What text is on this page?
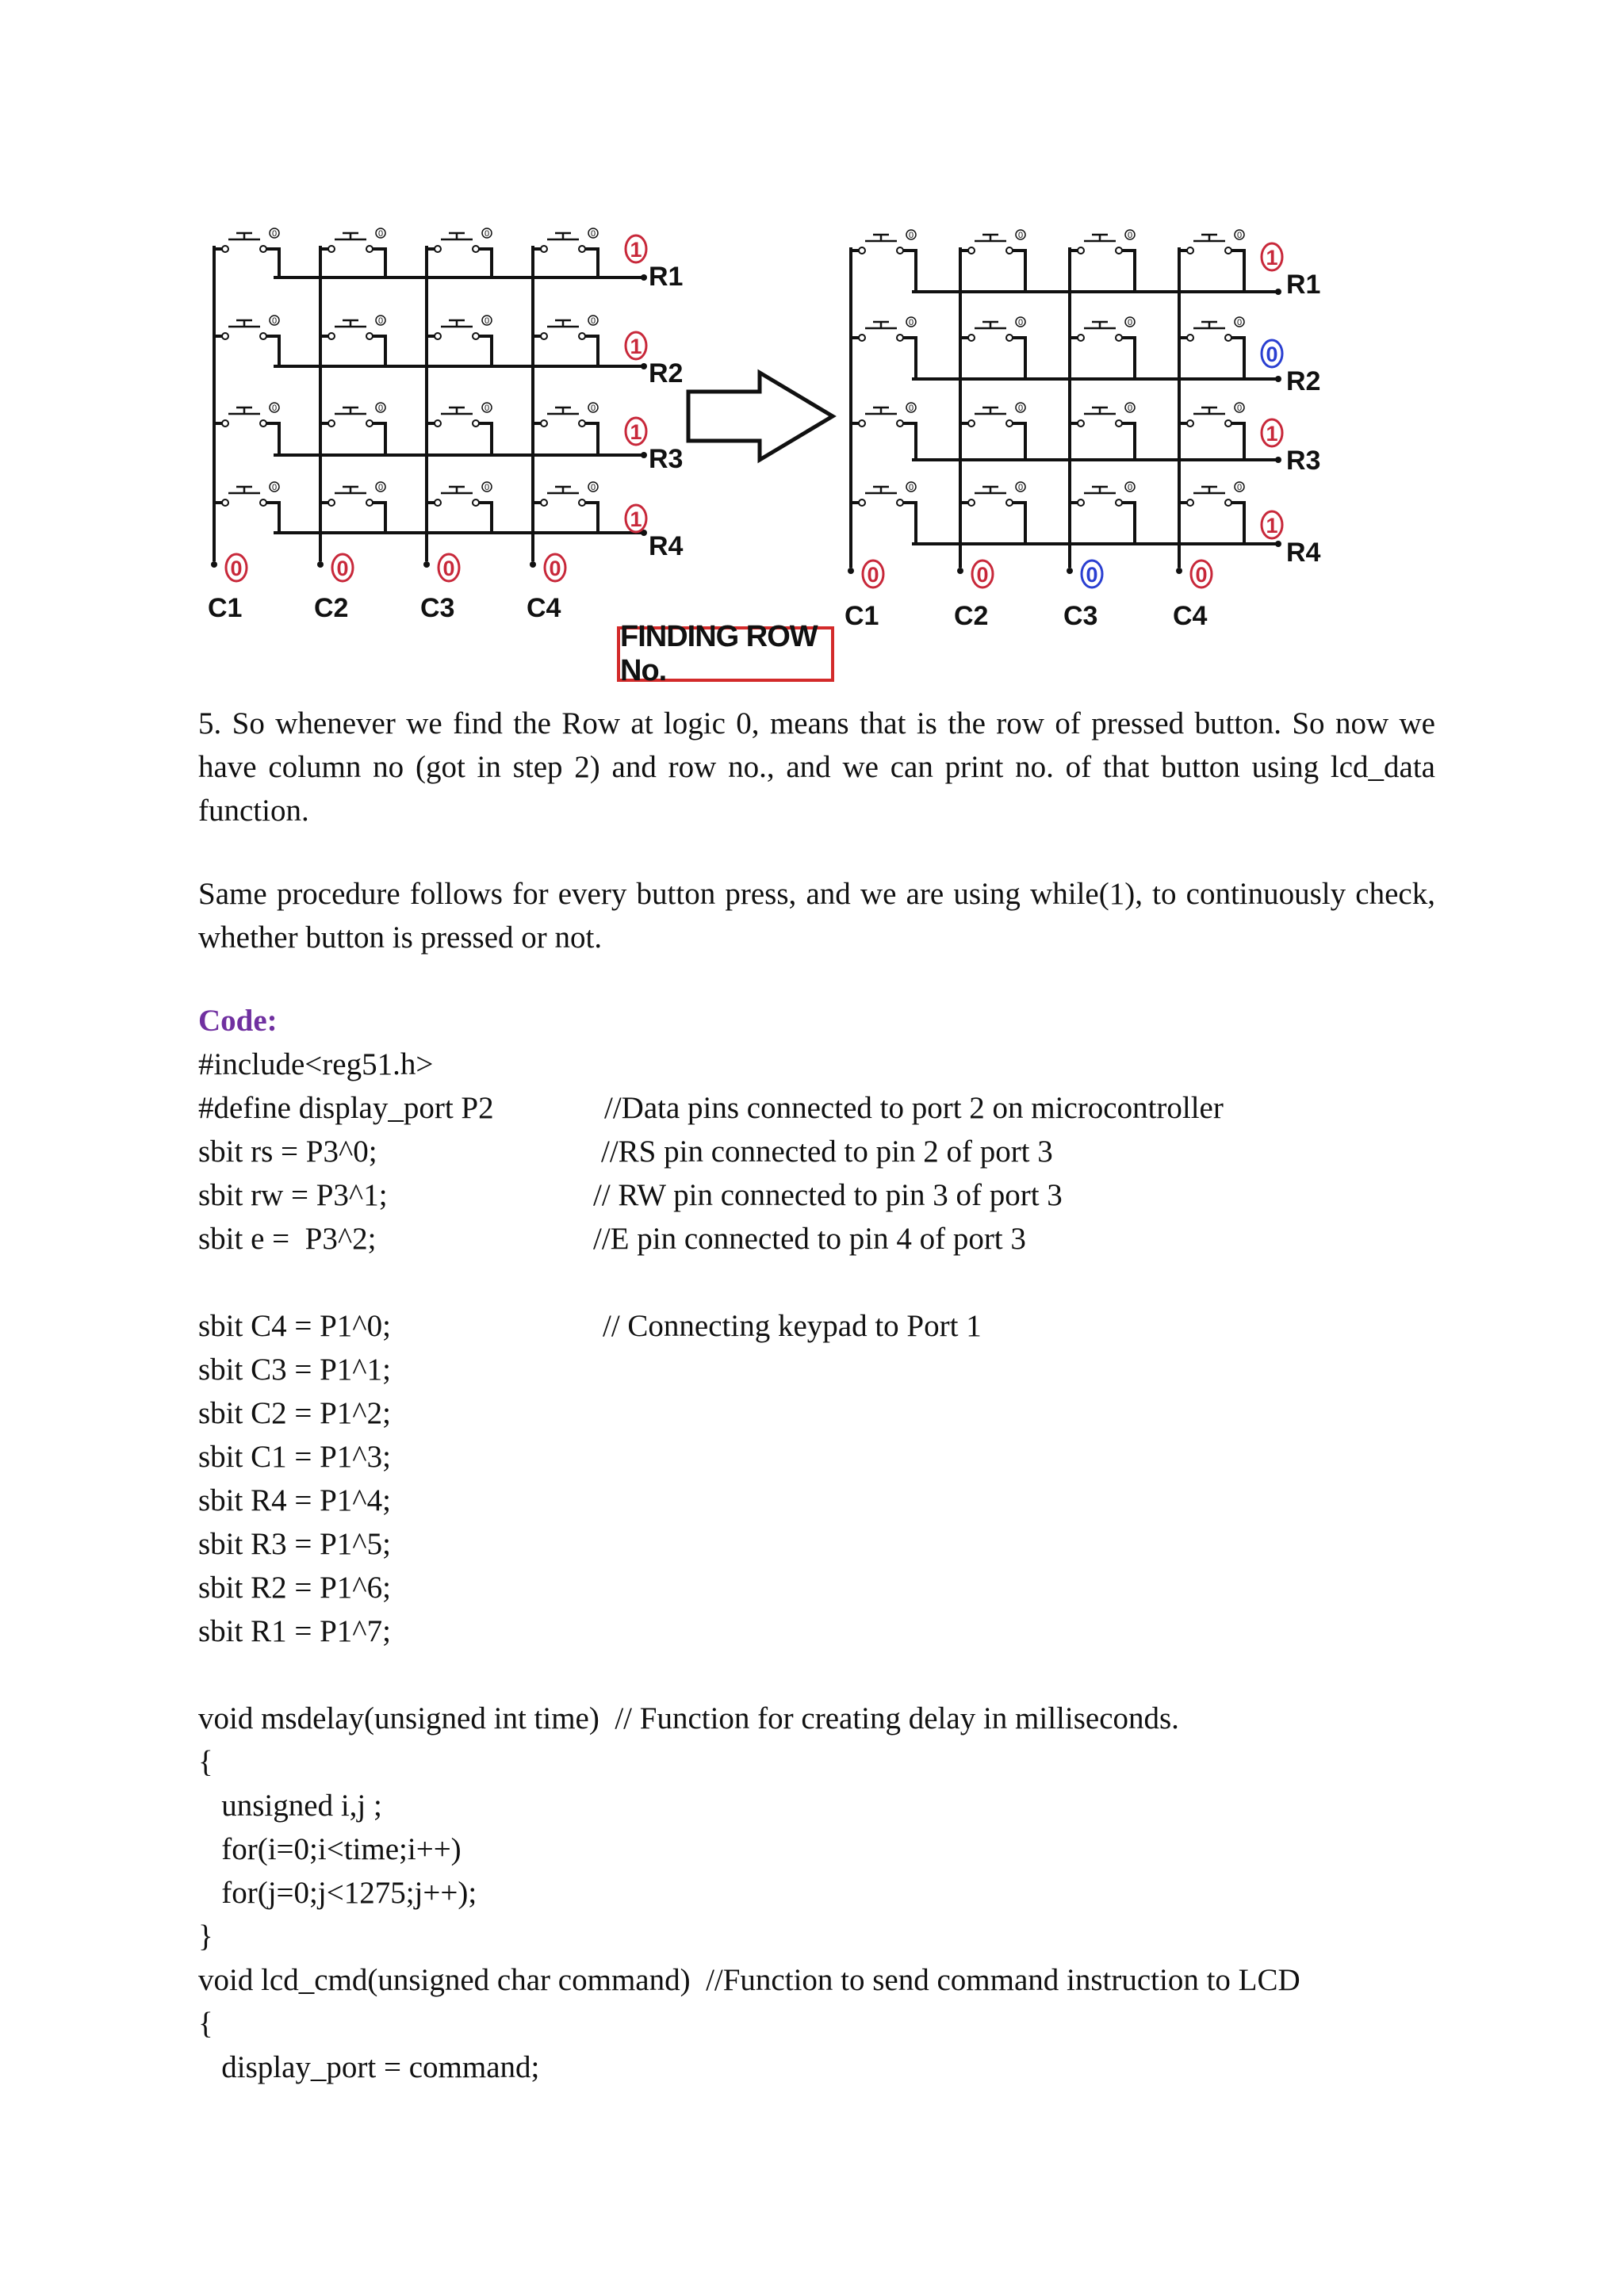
0	0	0	0
0	0	0	0
0	0	0	0
0	0	0	0
1
R1
1
R2
1
R3
1
R4
0
C1
0
C2
0
C3
0
C4
0	0	0	0
0	0	0	0
0	0	0	0
0	0	0	0
1
R1
0
R2
1
R3
1
R4
0
C1
0
C2
0
C3
0
C4
FINDING ROW No.
5. So whenever we find the Row at logic 0, means that is the row of pressed button. So now we have column no (got in step 2) and row no., and we can print no. of that button using lcd_data function.
Same procedure follows for every button press, and we are using while(1), to continuously check, whether button is pressed or not.
Code:
#include<reg51.h>
#define display_port P2	//Data pins connected to port 2 on microcontroller
sbit rs = P3^0;	//RS pin connected to pin 2 of port 3
sbit rw = P3^1;	// RW pin connected to pin 3 of port 3
sbit e =  P3^2;	//E pin connected to pin 4 of port 3
sbit C4 = P1^0;	// Connecting keypad to Port 1
sbit C3 = P1^1;
sbit C2 = P1^2;
sbit C1 = P1^3;
sbit R4 = P1^4;
sbit R3 = P1^5;
sbit R2 = P1^6;
sbit R1 = P1^7;
void msdelay(unsigned int time)  // Function for creating delay in milliseconds.
{
unsigned i,j ;
for(i=0;i<time;i++)
for(j=0;j<1275;j++);
}
void lcd_cmd(unsigned char command)  //Function to send command instruction to LCD
{
display_port = command;
